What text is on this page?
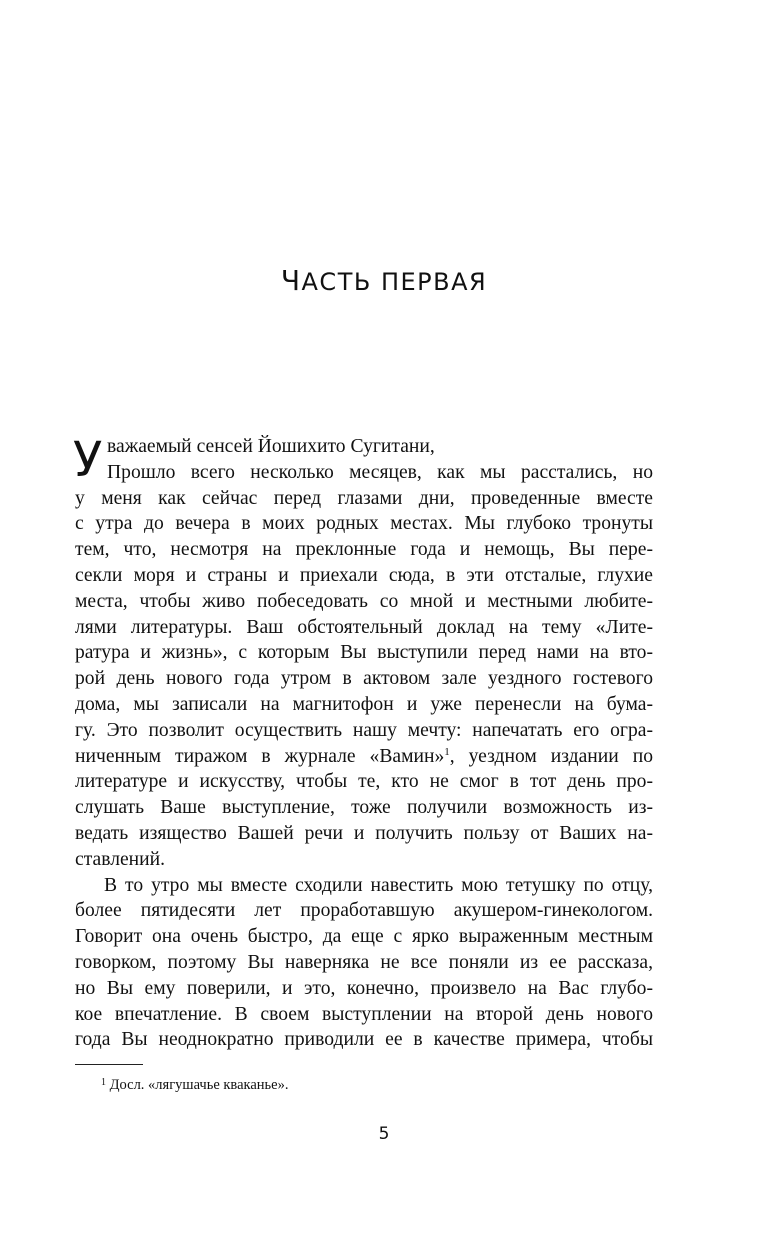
ЧАСТЬ ПЕРВАЯ
У важаемый сенсей Йошихито Сугитани,
Прошло всего несколько месяцев, как мы расстались, но
у меня как сейчас перед глазами дни, проведенные вместе
с утра до вечера в моих родных местах. Мы глубоко тронуты
тем, что, несмотря на преклонные года и немощь, Вы пере-
секли моря и страны и приехали сюда, в эти отсталые, глухие
места, чтобы живо побеседовать со мной и местными любите-
лями литературы. Ваш обстоятельный доклад на тему «Лите-
ратура и жизнь», с которым Вы выступили перед нами на вто-
рой день нового года утром в актовом зале уездного гостевого
дома, мы записали на магнитофон и уже перенесли на бума-
гу. Это позволит осуществить нашу мечту: напечатать его огра-
ниченным тиражом в журнале «Вамин»$^1$, уездном издании по
литературе и искусству, чтобы те, кто не смог в тот день про-
слушать Ваше выступление, тоже получили возможность из-
ведать изящество Вашей речи и получить пользу от Ваших на-
ставлений.
В то утро мы вместе сходили навестить мою тетушку по отцу,
более пятидесяти лет проработавшую акушером-гинекологом.
Говорит она очень быстро, да еще с ярко выраженным местным
говорком, поэтому Вы наверняка не все поняли из ее рассказа,
но Вы ему поверили, и это, конечно, произвело на Вас глубо-
кое впечатление. В своем выступлении на второй день нового
года Вы неоднократно приводили ее в качестве примера, чтобы
$^1$ Досл. «лягушачье кваканье».
5
